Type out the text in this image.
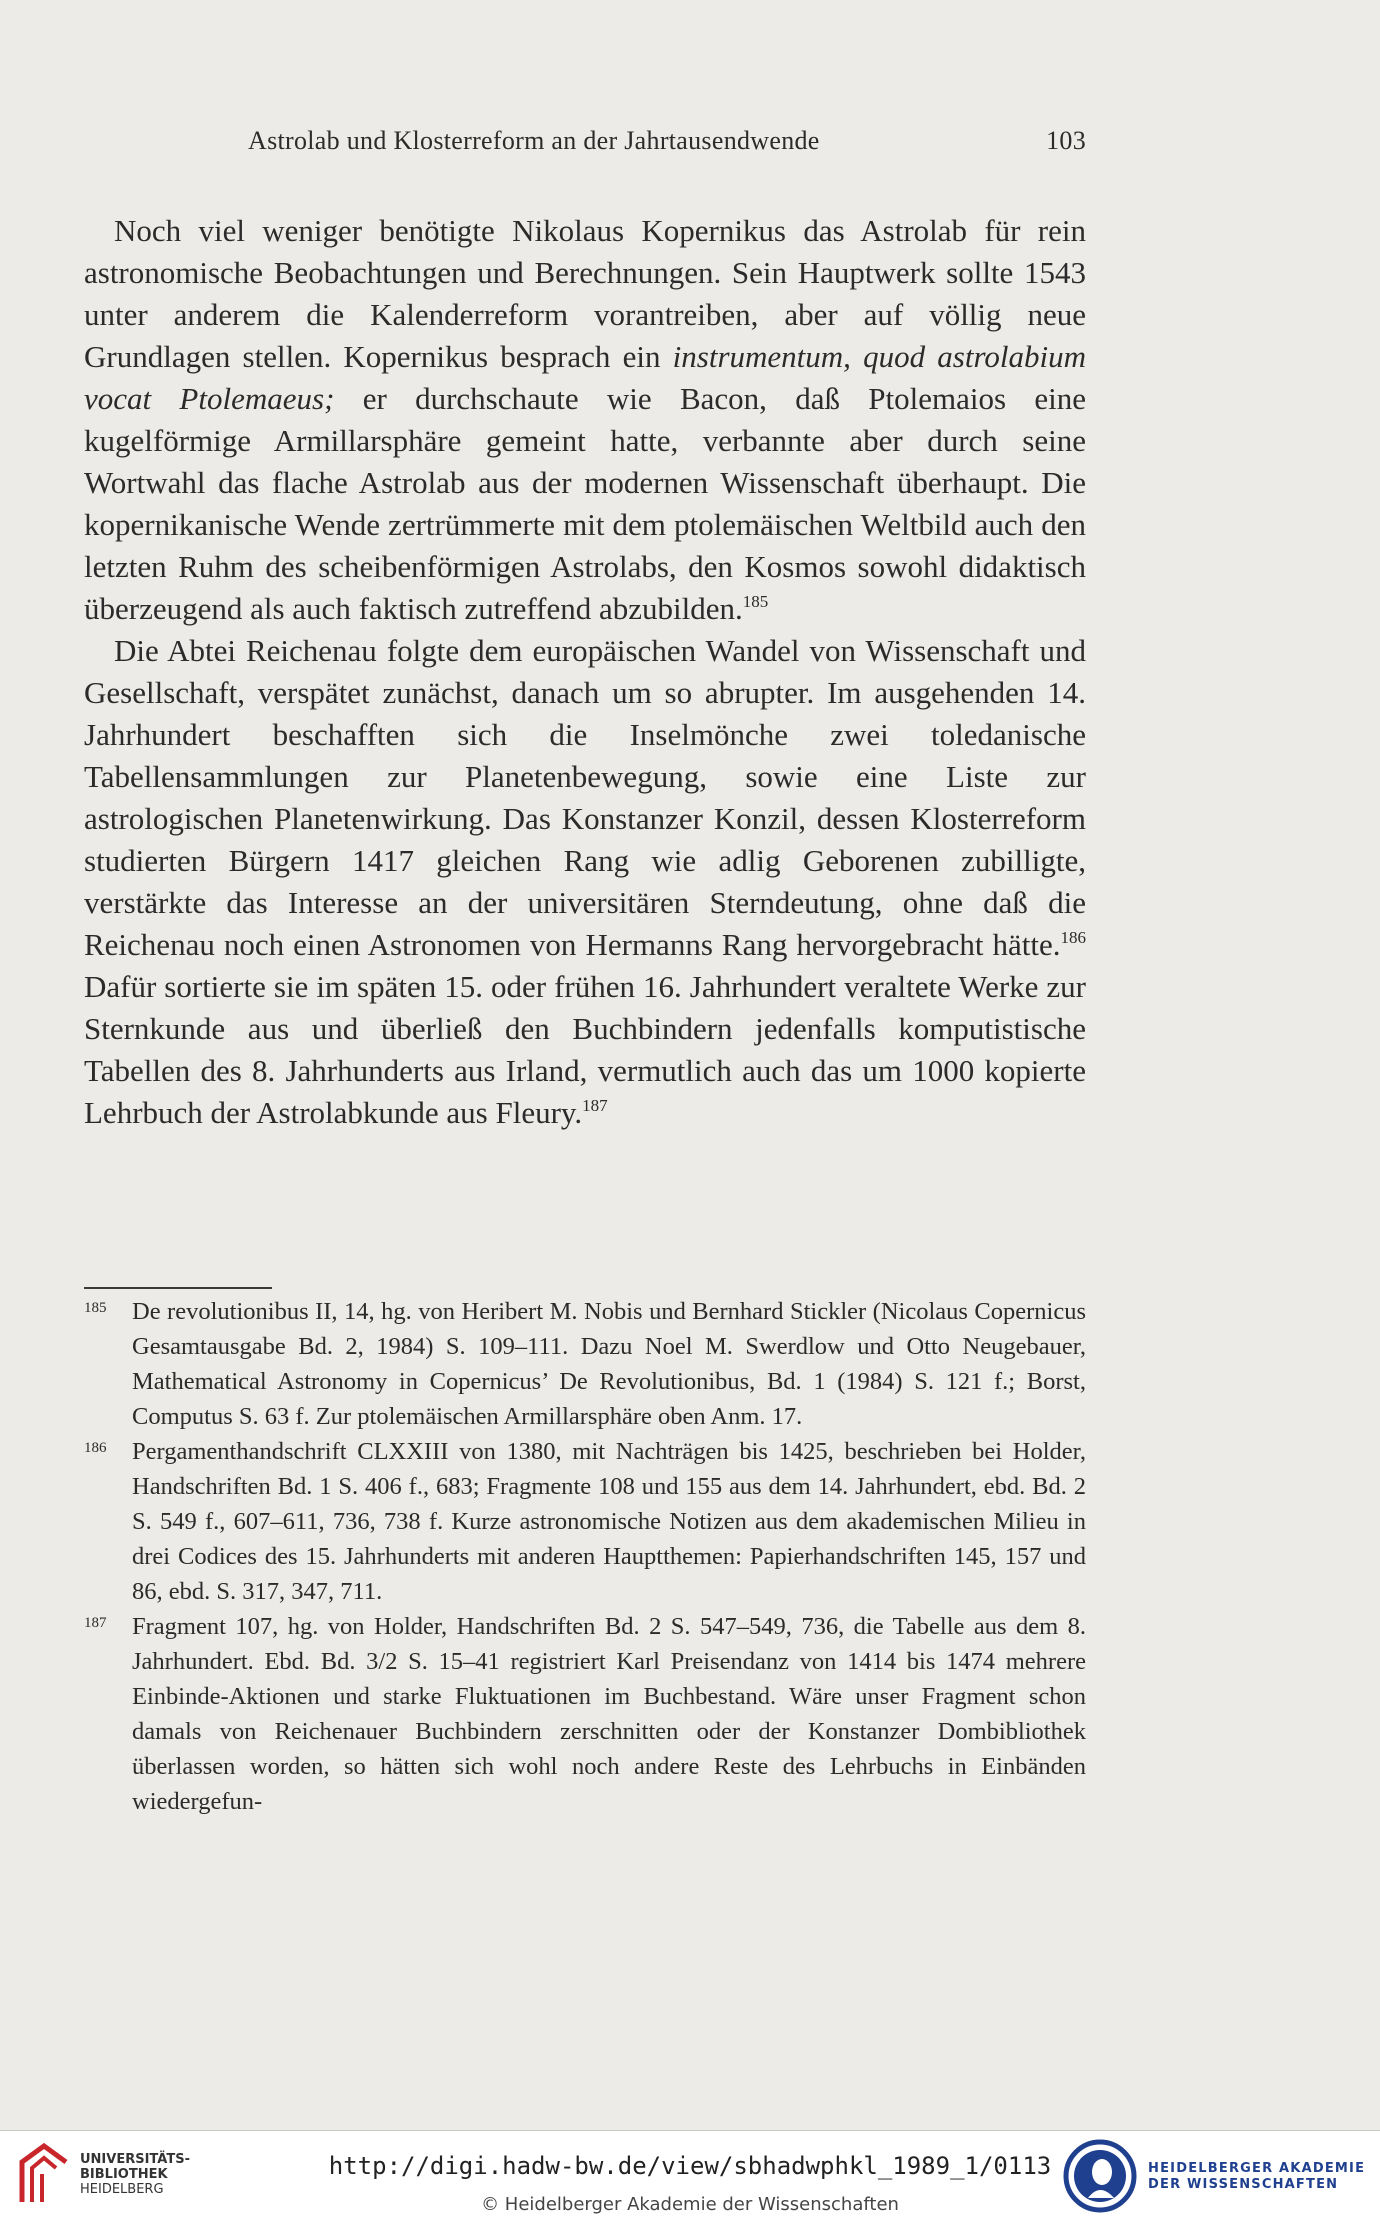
Astrolab und Klosterreform an der Jahrtausendwende	103

Noch viel weniger benötigte Nikolaus Kopernikus das Astrolab für rein astronomische Beobachtungen und Berechnungen. Sein Hauptwerk sollte 1543 unter anderem die Kalenderreform vorantreiben, aber auf völlig neue Grundlagen stellen. Kopernikus besprach ein instrumentum, quod astrolabium vocat Ptolemaeus; er durchschaute wie Bacon, daß Ptolemaios eine kugelförmige Armillarsphäre gemeint hatte, verbannte aber durch seine Wortwahl das flache Astrolab aus der modernen Wissenschaft überhaupt. Die kopernikanische Wende zertrümmerte mit dem ptolemäischen Weltbild auch den letzten Ruhm des scheibenförmigen Astrolabs, den Kosmos sowohl didaktisch überzeugend als auch faktisch zutreffend abzubilden.$^{185}$

Die Abtei Reichenau folgte dem europäischen Wandel von Wissenschaft und Gesellschaft, verspätet zunächst, danach um so abrupter. Im ausgehenden 14. Jahrhundert beschafften sich die Inselmönche zwei toledanische Tabellensammlungen zur Planetenbewegung, sowie eine Liste zur astrologischen Planetenwirkung. Das Konstanzer Konzil, dessen Klosterreform studierten Bürgern 1417 gleichen Rang wie adlig Geborenen zubilligte, verstärkte das Interesse an der universitären Sterndeutung, ohne daß die Reichenau noch einen Astronomen von Hermanns Rang hervorgebracht hätte.$^{186}$ Dafür sortierte sie im späten 15. oder frühen 16. Jahrhundert veraltete Werke zur Sternkunde aus und überließ den Buchbindern jedenfalls komputistische Tabellen des 8. Jahrhunderts aus Irland, vermutlich auch das um 1000 kopierte Lehrbuch der Astrolabkunde aus Fleury.$^{187}$

185	De revolutionibus II, 14, hg. von Heribert M. Nobis und Bernhard Stickler (Nicolaus Copernicus Gesamtausgabe Bd. 2, 1984) S. 109–111. Dazu Noel M. Swerdlow und Otto Neugebauer, Mathematical Astronomy in Copernicus’ De Revolutionibus, Bd. 1 (1984) S. 121 f.; Borst, Computus S. 63 f. Zur ptolemäischen Armillarsphäre oben Anm. 17.
186	Pergamenthandschrift CLXXIII von 1380, mit Nachträgen bis 1425, beschrieben bei Holder, Handschriften Bd. 1 S. 406 f., 683; Fragmente 108 und 155 aus dem 14. Jahrhundert, ebd. Bd. 2 S. 549 f., 607–611, 736, 738 f. Kurze astronomische Notizen aus dem akademischen Milieu in drei Codices des 15. Jahrhunderts mit anderen Hauptthemen: Papierhandschriften 145, 157 und 86, ebd. S. 317, 347, 711.
187	Fragment 107, hg. von Holder, Handschriften Bd. 2 S. 547–549, 736, die Tabelle aus dem 8. Jahrhundert. Ebd. Bd. 3/2 S. 15–41 registriert Karl Preisendanz von 1414 bis 1474 mehrere Einbinde-Aktionen und starke Fluktuationen im Buchbestand. Wäre unser Fragment schon damals von Reichenauer Buchbindern zerschnitten oder der Konstanzer Dombibliothek überlassen worden, so hätten sich wohl noch andere Reste des Lehrbuchs in Einbänden wiedergefun-
UNIVERSITÄTS-
BIBLIOTHEK
HEIDELBERG
http://digi.hadw-bw.de/view/sbhadwphkl_1989_1/0113
© Heidelberger Akademie der Wissenschaften
HEIDELBERGER AKADEMIE
DER WISSENSCHAFTEN
